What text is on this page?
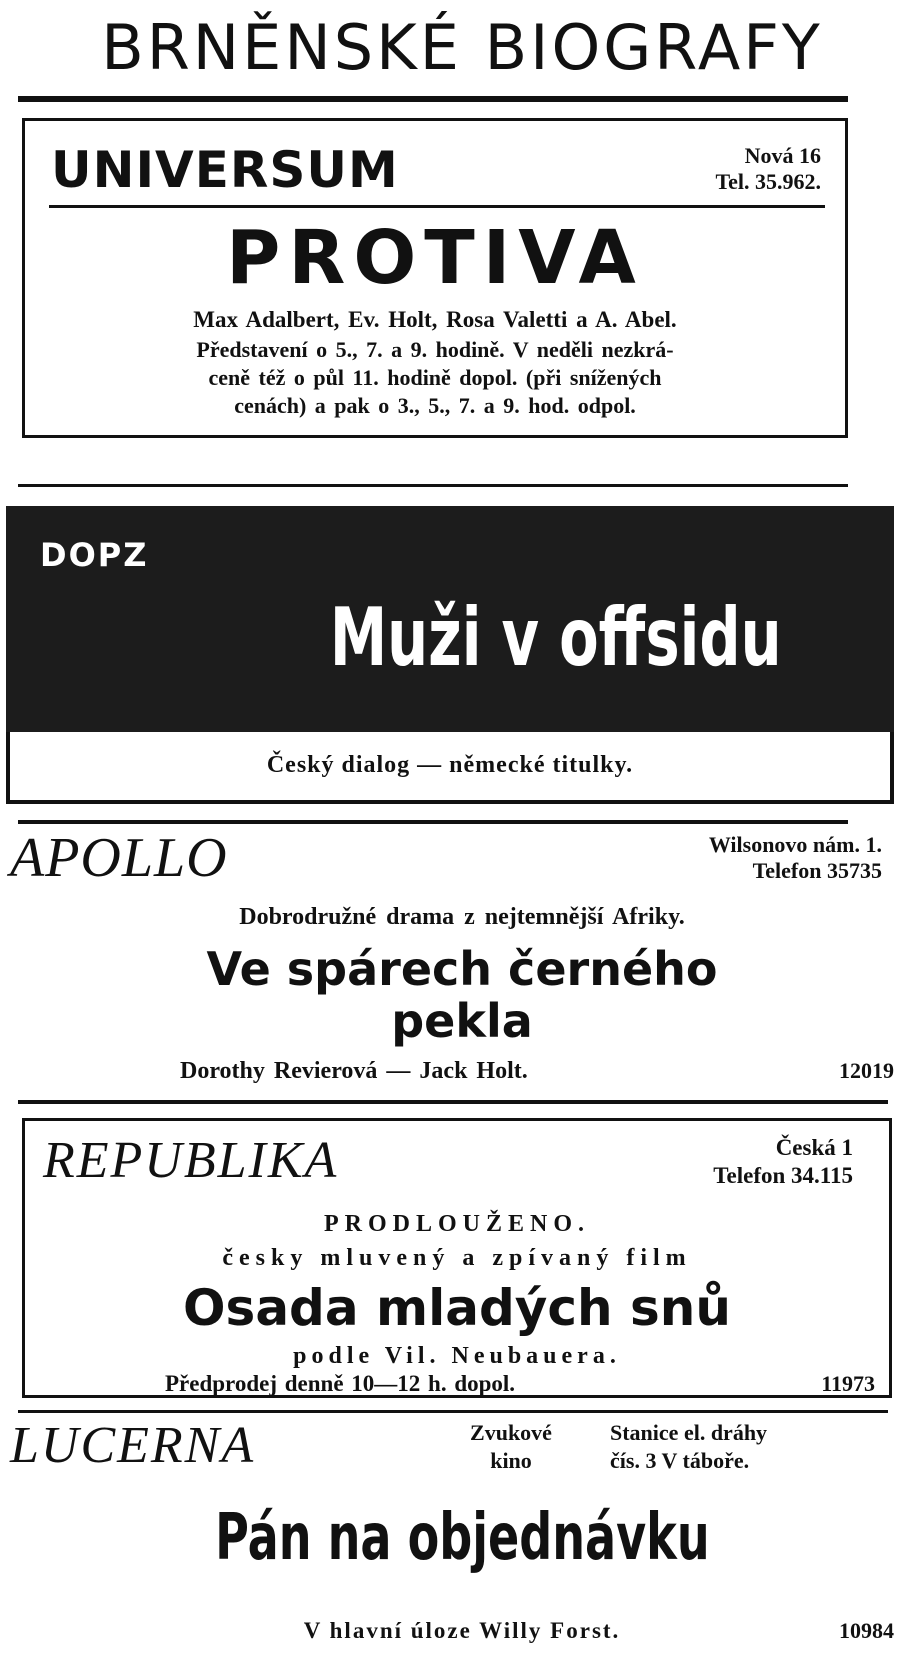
BRNĚNSKÉ BIOGRAFY
UNIVERSUM	Nová 16
Tel. 35.962.
PROTIVA
Max Adalbert, Ev. Holt, Rosa Valetti a A. Abel.
Představení o 5., 7. a 9. hodině. V neděli nezkrá-
ceně též o půl 11. hodině dopol. (při snížených
cenách) a pak o 3., 5., 7. a 9. hod. odpol.
DOPZ
Muži v offsidu
Český dialog — německé titulky.
APOLLO	Wilsonovo nám. 1.
Telefon 35735
Dobrodružné drama z nejtemnější Afriky.
Ve spárech černého
pekla
Dorothy Revierová — Jack Holt.	12019
REPUBLIKA	Česká 1
Telefon 34.115
PRODLOUŽENO.
česky mluvený a zpívaný film
Osada mladých snů
podle Vil. Neubauera.
Předprodej denně 10—12 h. dopol.	11973
LUCERNA	Zvukové
kino
Stanice el. dráhy
čís. 3 V táboře.
Pán na objednávku
V hlavní úloze Willy Forst.	10984
